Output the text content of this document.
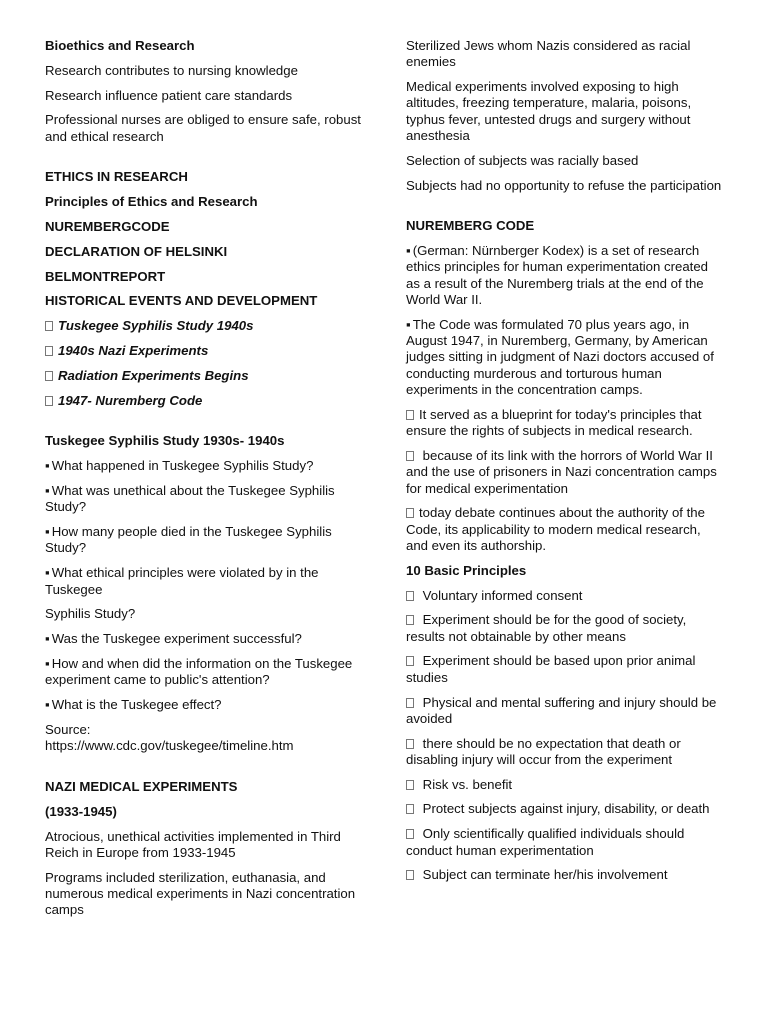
Bioethics and Research

Research contributes to nursing knowledge

Research influence patient care standards

Professional nurses are obliged to ensure safe, robust and ethical research

ETHICS IN RESEARCH

Principles of Ethics and Research

NUREMBERGCODE

DECLARATION OF HELSINKI

BELMONTREPORT

HISTORICAL EVENTS AND DEVELOPMENT

Tuskegee Syphilis Study 1940s

1940s Nazi Experiments

Radiation Experiments Begins

1947- Nuremberg Code

Tuskegee Syphilis Study 1930s- 1940s

▪ What happened in Tuskegee Syphilis Study?

▪ What was unethical about the Tuskegee Syphilis Study?

▪ How many people died in the Tuskegee Syphilis Study?

▪ What ethical principles were violated by in the Tuskegee

Syphilis Study?

▪ Was the Tuskegee experiment successful?

▪ How and when did the information on the Tuskegee experiment came to public's attention?

▪ What is the Tuskegee effect?

Source:
https://www.cdc.gov/tuskegee/timeline.htm

NAZI MEDICAL EXPERIMENTS

(1933-1945)

Atrocious, unethical activities implemented in Third Reich in Europe from 1933-1945

Programs included sterilization, euthanasia, and numerous medical experiments in Nazi concentration camps

Sterilized Jews whom Nazis considered as racial enemies

Medical experiments involved exposing to high altitudes, freezing temperature, malaria, poisons, typhus fever, untested drugs and surgery without anesthesia

Selection of subjects was racially based

Subjects had no opportunity to refuse the participation

NUREMBERG CODE

▪ (German: Nürnberger Kodex) is a set of research ethics principles for human experimentation created as a result of the Nuremberg trials at the end of the World War II.

▪ The Code was formulated 70 plus years ago, in August 1947, in Nuremberg, Germany, by American judges sitting in judgment of Nazi doctors accused of conducting murderous and torturous human experiments in the concentration camps.

It served as a blueprint for today's principles that ensure the rights of subjects in medical research.

because of its link with the horrors of World War II and the use of prisoners in Nazi concentration camps for medical experimentation

today debate continues about the authority of the Code, its applicability to modern medical research, and even its authorship.

10 Basic Principles

Voluntary informed consent

Experiment should be for the good of society, results not obtainable by other means

Experiment should be based upon prior animal studies

Physical and mental suffering and injury should be avoided

there should be no expectation that death or disabling injury will occur from the experiment

Risk vs. benefit

Protect subjects against injury, disability, or death

Only scientifically qualified individuals should conduct human experimentation

Subject can terminate her/his involvement
